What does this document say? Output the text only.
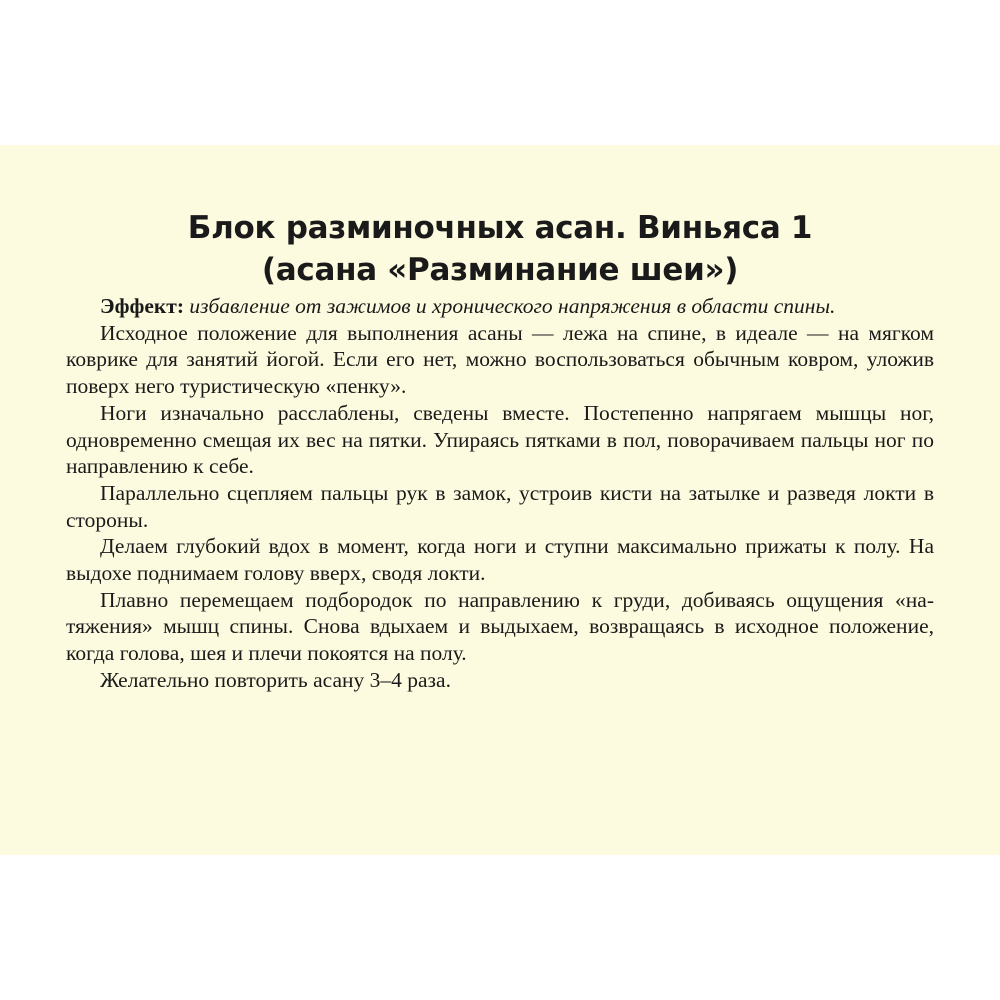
Блок разминочных асан. Виньяса 1
(асана «Разминание шеи»)

Эффект: избавление от зажимов и хронического напряжения в области спины.

Исходное положение для выполнения асаны — лежа на спине, в идеале — на мягком коврике для занятий йогой. Если его нет, можно воспользоваться обычным ковром, уложив поверх него туристическую «пенку».

Ноги изначально расслаблены, сведены вместе. Постепенно напрягаем мышцы ног, одновременно смещая их вес на пятки. Упираясь пятками в пол, поворачиваем пальцы ног по направлению к себе.

Параллельно сцепляем пальцы рук в замок, устроив кисти на затылке и разведя локти в стороны.

Делаем глубокий вдох в момент, когда ноги и ступни максимально прижаты к полу. На выдохе поднимаем голову вверх, сводя локти.

Плавно перемещаем подбородок по направлению к груди, добиваясь ощущения «натяжения» мышц спины. Снова вдыхаем и выдыхаем, возвращаясь в исходное положение, когда голова, шея и плечи покоятся на полу.

Желательно повторить асану 3–4 раза.
